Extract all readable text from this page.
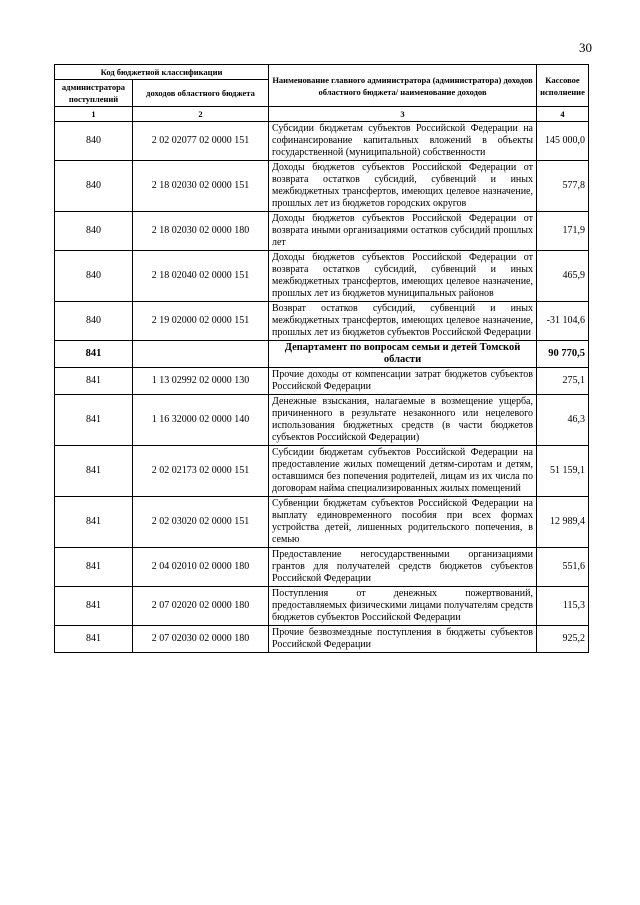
30
Код бюджетной классификации		Наименование главного администратора (администратора) доходов областного бюджета/ наименование доходов	Кассовое исполнение
администратора поступлений	доходов областного бюджета		
1	2	3	4
840	2 02 02077 02 0000 151	Субсидии бюджетам субъектов Российской Федерации на софинансирование капитальных вложений в объекты государственной (муниципальной) собственности	145 000,0
840	2 18 02030 02 0000 151	Доходы бюджетов субъектов Российской Федерации от возврата остатков субсидий, субвенций и иных межбюджетных трансфертов, имеющих целевое назначение, прошлых лет из бюджетов городских округов	577,8
840	2 18 02030 02 0000 180	Доходы бюджетов субъектов Российской Федерации от возврата иными организациями остатков субсидий прошлых лет	171,9
840	2 18 02040 02 0000 151	Доходы бюджетов субъектов Российской Федерации от возврата остатков субсидий, субвенций и иных межбюджетных трансфертов, имеющих целевое назначение, прошлых лет из бюджетов муниципальных районов	465,9
840	2 19 02000 02 0000 151	Возврат остатков субсидий, субвенций и иных межбюджетных трансфертов, имеющих целевое назначение, прошлых лет из бюджетов субъектов Российской Федерации	-31 104,6
841		Департамент по вопросам семьи и детей Томской области	90 770,5
841	1 13 02992 02 0000 130	Прочие доходы от компенсации затрат бюджетов субъектов Российской Федерации	275,1
841	1 16 32000 02 0000 140	Денежные взыскания, налагаемые в возмещение ущерба, причиненного в результате незаконного или нецелевого использования бюджетных средств (в части бюджетов субъектов Российской Федерации)	46,3
841	2 02 02173 02 0000 151	Субсидии бюджетам субъектов Российской Федерации на предоставление жилых помещений детям-сиротам и детям, оставшимся без попечения родителей, лицам из их числа по договорам найма специализированных жилых помещений	51 159,1
841	2 02 03020 02 0000 151	Субвенции бюджетам субъектов Российской Федерации на выплату единовременного пособия при всех формах устройства детей, лишенных родительского попечения, в семью	12 989,4
841	2 04 02010 02 0000 180	Предоставление негосударственными организациями грантов для получателей средств бюджетов субъектов Российской Федерации	551,6
841	2 07 02020 02 0000 180	Поступления от денежных пожертвований, предоставляемых физическими лицами получателям средств бюджетов субъектов Российской Федерации	115,3
841	2 07 02030 02 0000 180	Прочие безвозмездные поступления в бюджеты субъектов Российской Федерации	925,2
